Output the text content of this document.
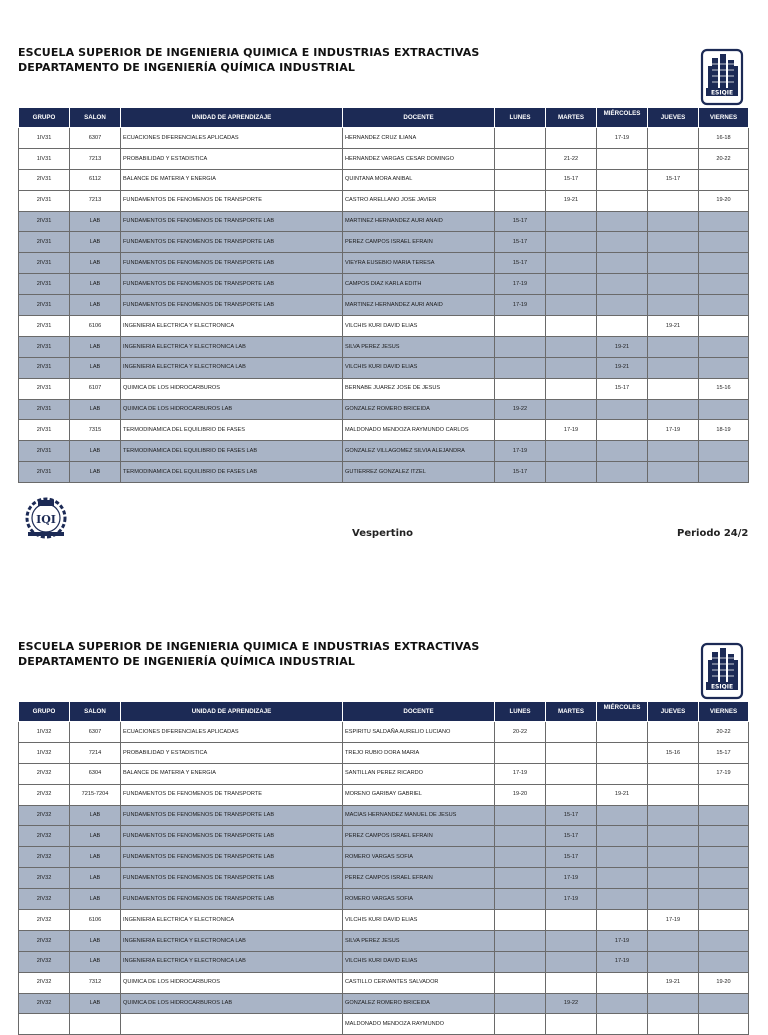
ESCUELA SUPERIOR DE INGENIERIA QUIMICA E INDUSTRIAS EXTRACTIVAS
DEPARTAMENTO DE INGENIERÍA QUÍMICA INDUSTRIAL
ESIQIE
GRUPO	SALON	UNIDAD DE APRENDIZAJE	DOCENTE	LUNES	MARTES	MIÉRCOLES	JUEVES	VIERNES
1IV31	6307	ECUACIONES DIFERENCIALES APLICADAS	HERNANDEZ CRUZ ILIANA			17-19		16-18
1IV31	7213	PROBABILIDAD Y ESTADISTICA	HERNANDEZ VARGAS CESAR DOMINGO		21-22			20-22
2IV31	6112	BALANCE DE MATERIA Y ENERGIA	QUINTANA MORA ANIBAL		15-17		15-17	
2IV31	7213	FUNDAMENTOS DE FENOMENOS DE TRANSPORTE	CASTRO ARELLANO JOSE JAVIER		19-21			19-20
2IV31	LAB	FUNDAMENTOS DE FENOMENOS DE TRANSPORTE LAB	MARTINEZ HERNANDEZ AURI ANAID	15-17				
2IV31	LAB	FUNDAMENTOS DE FENOMENOS DE TRANSPORTE LAB	PEREZ CAMPOS ISRAEL EFRAIN	15-17				
2IV31	LAB	FUNDAMENTOS DE FENOMENOS DE TRANSPORTE LAB	VIEYRA EUSEBIO MARIA TERESA	15-17				
2IV31	LAB	FUNDAMENTOS DE FENOMENOS DE TRANSPORTE LAB	CAMPOS DIAZ KARLA EDITH	17-19				
2IV31	LAB	FUNDAMENTOS DE FENOMENOS DE TRANSPORTE LAB	MARTINEZ HERNANDEZ AURI ANAID	17-19				
2IV31	6106	INGENIERIA ELECTRICA Y ELECTRONICA	VILCHIS KURI DAVID ELIAS				19-21	
2IV31	LAB	INGENIERIA ELECTRICA Y ELECTRONICA LAB	SILVA PEREZ JESUS			19-21		
2IV31	LAB	INGENIERIA ELECTRICA Y ELECTRONICA LAB	VILCHIS KURI DAVID ELIAS			19-21		
2IV31	6107	QUIMICA DE LOS HIDROCARBUROS	BERNABE JUAREZ JOSE DE JESUS			15-17		15-16
2IV31	LAB	QUIMICA DE LOS HIDROCARBUROS LAB	GONZALEZ ROMERO BRICEIDA	19-22				
2IV31	7315	TERMODINAMICA DEL EQUILIBRIO DE FASES	MALDONADO MENDOZA RAYMUNDO CARLOS		17-19		17-19	18-19
2IV31	LAB	TERMODINAMICA DEL EQUILIBRIO DE FASES LAB	GONZALEZ VILLAGOMEZ SILVIA ALEJANDRA	17-19				
2IV31	LAB	TERMODINAMICA DEL EQUILIBRIO DE FASES LAB	GUTIERREZ GONZALEZ ITZEL	15-17				
IQI
Vespertino	Periodo 24/2
ESCUELA SUPERIOR DE INGENIERIA QUIMICA E INDUSTRIAS EXTRACTIVAS
DEPARTAMENTO DE INGENIERÍA QUÍMICA INDUSTRIAL
ESIQIE
GRUPO	SALON	UNIDAD DE APRENDIZAJE	DOCENTE	LUNES	MARTES	MIÉRCOLES	JUEVES	VIERNES
1IV32	6307	ECUACIONES DIFERENCIALES APLICADAS	ESPIRITU SALDAÑA AURELIO LUCIANO	20-22				20-22
1IV32	7214	PROBABILIDAD Y ESTADISTICA	TREJO RUBIO DORA MARIA				15-16	15-17
2IV32	6304	BALANCE DE MATERIA Y ENERGIA	SANTILLAN PEREZ RICARDO	17-19				17-19
2IV32	7215-7204	FUNDAMENTOS DE FENOMENOS DE TRANSPORTE	MORENO GARIBAY GABRIEL	19-20		19-21		
2IV32	LAB	FUNDAMENTOS DE FENOMENOS DE TRANSPORTE LAB	MACIAS HERNANDEZ MANUEL DE JESUS		15-17			
2IV32	LAB	FUNDAMENTOS DE FENOMENOS DE TRANSPORTE LAB	PEREZ CAMPOS ISRAEL EFRAIN		15-17			
2IV32	LAB	FUNDAMENTOS DE FENOMENOS DE TRANSPORTE LAB	ROMERO VARGAS SOFIA		15-17			
2IV32	LAB	FUNDAMENTOS DE FENOMENOS DE TRANSPORTE LAB	PEREZ CAMPOS ISRAEL EFRAIN		17-19			
2IV32	LAB	FUNDAMENTOS DE FENOMENOS DE TRANSPORTE LAB	ROMERO VARGAS SOFIA		17-19			
2IV32	6106	INGENIERIA ELECTRICA Y ELECTRONICA	VILCHIS KURI DAVID ELIAS				17-19	
2IV32	LAB	INGENIERIA ELECTRICA Y ELECTRONICA LAB	SILVA PEREZ JESUS			17-19		
2IV32	LAB	INGENIERIA ELECTRICA Y ELECTRONICA LAB	VILCHIS KURI DAVID ELIAS			17-19		
2IV32	7312	QUIMICA DE LOS HIDROCARBUROS	CASTILLO CERVANTES SALVADOR				19-21	19-20
2IV32	LAB	QUIMICA DE LOS HIDROCARBUROS LAB	GONZALEZ ROMERO BRICEIDA		19-22			
			MALDONADO MENDOZA RAYMUNDO					
